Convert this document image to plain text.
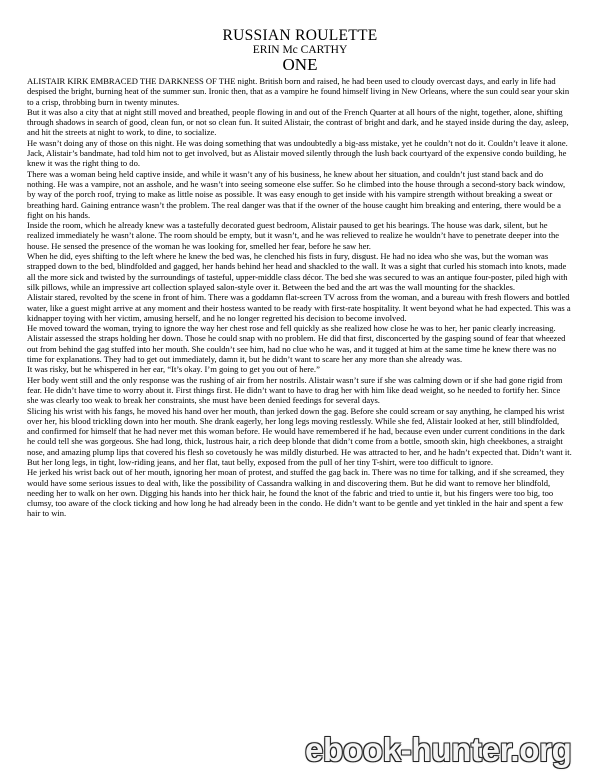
RUSSIAN ROULETTE
ERIN Mc CARTHY
ONE

ALISTAIR KIRK EMBRACED THE DARKNESS OF THE night. British born and raised, he had been used to cloudy overcast days, and early in life had despised the bright, burning heat of the summer sun. Ironic then, that as a vampire he found himself living in New Orleans, where the sun could sear your skin to a crisp, throbbing burn in twenty minutes.

But it was also a city that at night still moved and breathed, people flowing in and out of the French Quarter at all hours of the night, together, alone, shifting through shadows in search of good, clean fun, or not so clean fun. It suited Alistair, the contrast of bright and dark, and he stayed inside during the day, asleep, and hit the streets at night to work, to dine, to socialize.

He wasn’t doing any of those on this night. He was doing something that was undoubtedly a big-ass mistake, yet he couldn’t not do it. Couldn’t leave it alone. Jack, Alistair’s bandmate, had told him not to get involved, but as Alistair moved silently through the lush back courtyard of the expensive condo building, he knew it was the right thing to do.

There was a woman being held captive inside, and while it wasn’t any of his business, he knew about her situation, and couldn’t just stand back and do nothing. He was a vampire, not an asshole, and he wasn’t into seeing someone else suffer. So he climbed into the house through a second-story back window, by way of the porch roof, trying to make as little noise as possible. It was easy enough to get inside with his vampire strength without breaking a sweat or breathing hard. Gaining entrance wasn’t the problem. The real danger was that if the owner of the house caught him breaking and entering, there would be a fight on his hands.

Inside the room, which he already knew was a tastefully decorated guest bedroom, Alistair paused to get his bearings. The house was dark, silent, but he realized immediately he wasn’t alone. The room should be empty, but it wasn’t, and he was relieved to realize he wouldn’t have to penetrate deeper into the house. He sensed the presence of the woman he was looking for, smelled her fear, before he saw her.

When he did, eyes shifting to the left where he knew the bed was, he clenched his fists in fury, disgust. He had no idea who she was, but the woman was strapped down to the bed, blindfolded and gagged, her hands behind her head and shackled to the wall. It was a sight that curled his stomach into knots, made all the more sick and twisted by the surroundings of tasteful, upper-middle class décor. The bed she was secured to was an antique four-poster, piled high with silk pillows, while an impressive art collection splayed salon-style over it. Between the bed and the art was the wall mounting for the shackles.

Alistair stared, revolted by the scene in front of him. There was a goddamn flat-screen TV across from the woman, and a bureau with fresh flowers and bottled water, like a guest might arrive at any moment and their hostess wanted to be ready with first-rate hospitality. It went beyond what he had expected. This was a kidnapper toying with her victim, amusing herself, and he no longer regretted his decision to become involved.

He moved toward the woman, trying to ignore the way her chest rose and fell quickly as she realized how close he was to her, her panic clearly increasing. Alistair assessed the straps holding her down. Those he could snap with no problem. He did that first, disconcerted by the gasping sound of fear that wheezed out from behind the gag stuffed into her mouth. She couldn’t see him, had no clue who he was, and it tugged at him at the same time he knew there was no time for explanations. They had to get out immediately, damn it, but he didn’t want to scare her any more than she already was.

It was risky, but he whispered in her ear, “It’s okay. I’m going to get you out of here.”

Her body went still and the only response was the rushing of air from her nostrils. Alistair wasn’t sure if she was calming down or if she had gone rigid from fear. He didn’t have time to worry about it. First things first. He didn’t want to have to drag her with him like dead weight, so he needed to fortify her. Since she was clearly too weak to break her constraints, she must have been denied feedings for several days.

Slicing his wrist with his fangs, he moved his hand over her mouth, than jerked down the gag. Before she could scream or say anything, he clamped his wrist over her, his blood trickling down into her mouth. She drank eagerly, her long legs moving restlessly. While she fed, Alistair looked at her, still blindfolded, and confirmed for himself that he had never met this woman before. He would have remembered if he had, because even under current conditions in the dark he could tell she was gorgeous. She had long, thick, lustrous hair, a rich deep blonde that didn’t come from a bottle, smooth skin, high cheekbones, a straight nose, and amazing plump lips that covered his flesh so covetously he was mildly disturbed. He was attracted to her, and he hadn’t expected that. Didn’t want it. But her long legs, in tight, low-riding jeans, and her flat, taut belly, exposed from the pull of her tiny T-shirt, were too difficult to ignore.

He jerked his wrist back out of her mouth, ignoring her moan of protest, and stuffed the gag back in. There was no time for talking, and if she screamed, they would have some serious issues to deal with, like the possibility of Cassandra walking in and discovering them. But he did want to remove her blindfold, needing her to walk on her own. Digging his hands into her thick hair, he found the knot of the fabric and tried to untie it, but his fingers were too big, too clumsy, too aware of the clock ticking and how long he had already been in the condo. He didn’t want to be gentle and yet tinkled in the hair and spent a few hair to win.

ebook-hunter.org
